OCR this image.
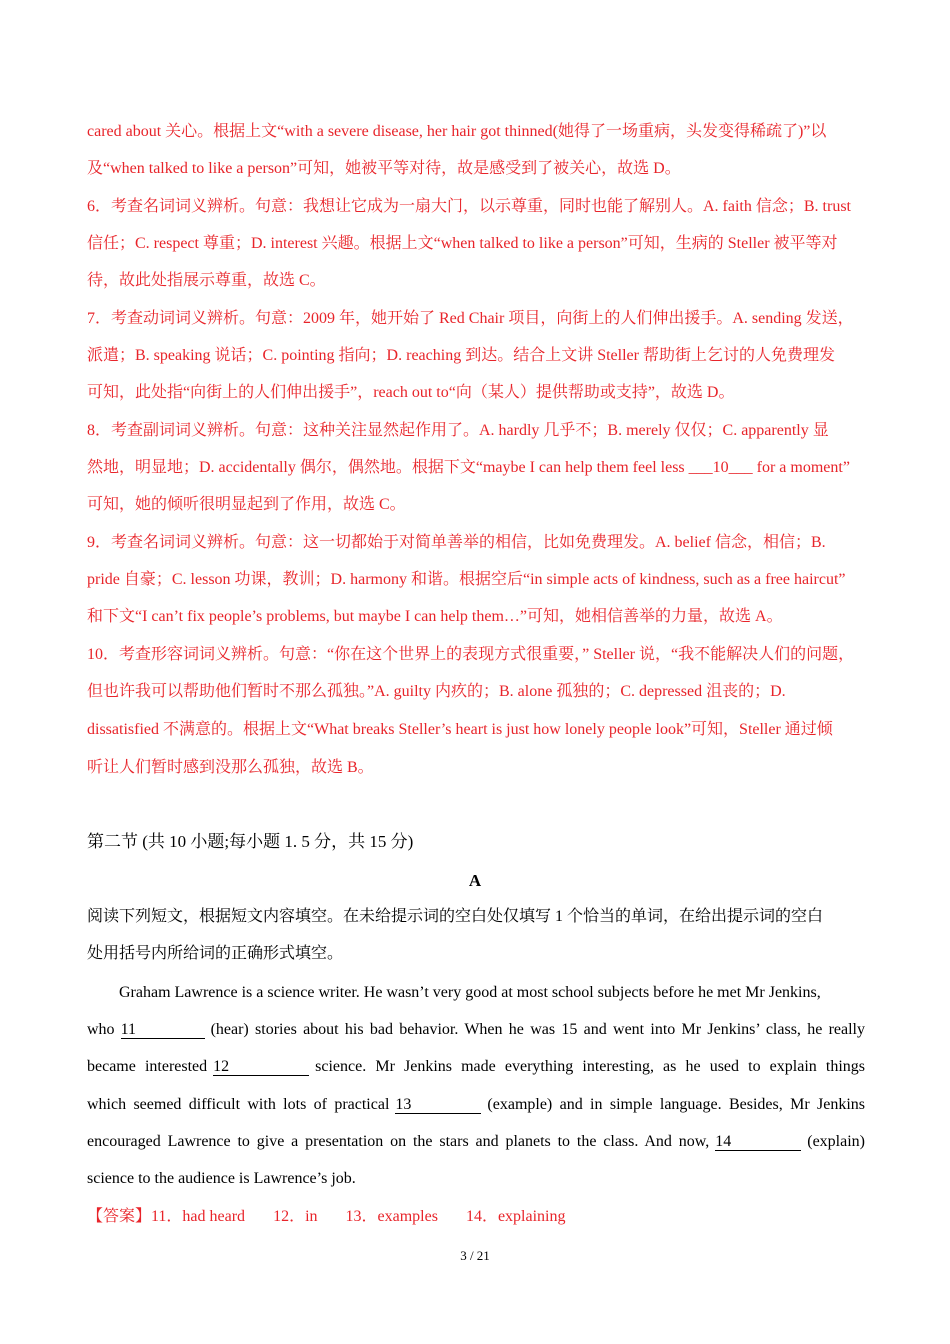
cared about 关心。根据上文“with a severe disease, her hair got thinned(她得了一场重病，头发变得稀疏了)”以
及“when talked to like a person”可知，她被平等对待，故是感受到了被关心，故选 D。
6．考查名词词义辨析。句意：我想让它成为一扇大门，以示尊重，同时也能了解别人。A. faith 信念；B. trust
信任；C. respect 尊重；D. interest 兴趣。根据上文“when talked to like a person”可知，生病的 Steller 被平等对
待，故此处指展示尊重，故选 C。
7．考查动词词义辨析。句意：2009 年，她开始了 Red Chair 项目，向街上的人们伸出援手。A. sending 发送，
派遣；B. speaking 说话；C. pointing 指向；D. reaching 到达。结合上文讲 Steller 帮助街上乞讨的人免费理发
可知，此处指“向街上的人们伸出援手”，reach out to“向（某人）提供帮助或支持”，故选 D。
8．考查副词词义辨析。句意：这种关注显然起作用了。A. hardly 几乎不；B. merely 仅仅；C. apparently 显
然地，明显地；D. accidentally 偶尔，偶然地。根据下文“maybe I can help them feel less ___10___ for a moment”
可知，她的倾听很明显起到了作用，故选 C。
9．考查名词词义辨析。句意：这一切都始于对简单善举的相信，比如免费理发。A. belief 信念，相信；B.
pride 自豪；C. lesson 功课，教训；D. harmony 和谐。根据空后“in simple acts of kindness, such as a free haircut”
和下文“I can’t fix people’s problems, but maybe I can help them…”可知，她相信善举的力量，故选 A。
10．考查形容词词义辨析。句意：“你在这个世界上的表现方式很重要，” Steller 说，“我不能解决人们的问题，
但也许我可以帮助他们暂时不那么孤独。”A. guilty 内疚的；B. alone 孤独的；C. depressed 沮丧的；D.
dissatisfied 不满意的。根据上文“What breaks Steller’s heart is just how lonely people look”可知，Steller 通过倾
听让人们暂时感到没那么孤独，故选 B。
第二节 (共 10 小题;每小题 1. 5 分，共 15 分)
A
阅读下列短文，根据短文内容填空。在未给提示词的空白处仅填写 1 个恰当的单词，在给出提示词的空白
处用括号内所给词的正确形式填空。
Graham Lawrence is a science writer. He wasn’t very good at most school subjects before he met Mr Jenkins,
who 11	(hear) stories about his bad behavior. When he was 15 and went into Mr Jenkins’ class, he really
became interested 12	science. Mr Jenkins made everything interesting, as he used to explain things
which seemed difficult with lots of practical 13	(example) and in simple language. Besides, Mr Jenkins
encouraged Lawrence to give a presentation on the stars and planets to the class. And now, 14	(explain)
science to the audience is Lawrence’s job.
【答案】11．had heard 12．in 13．examples 14．explaining
3 / 21
